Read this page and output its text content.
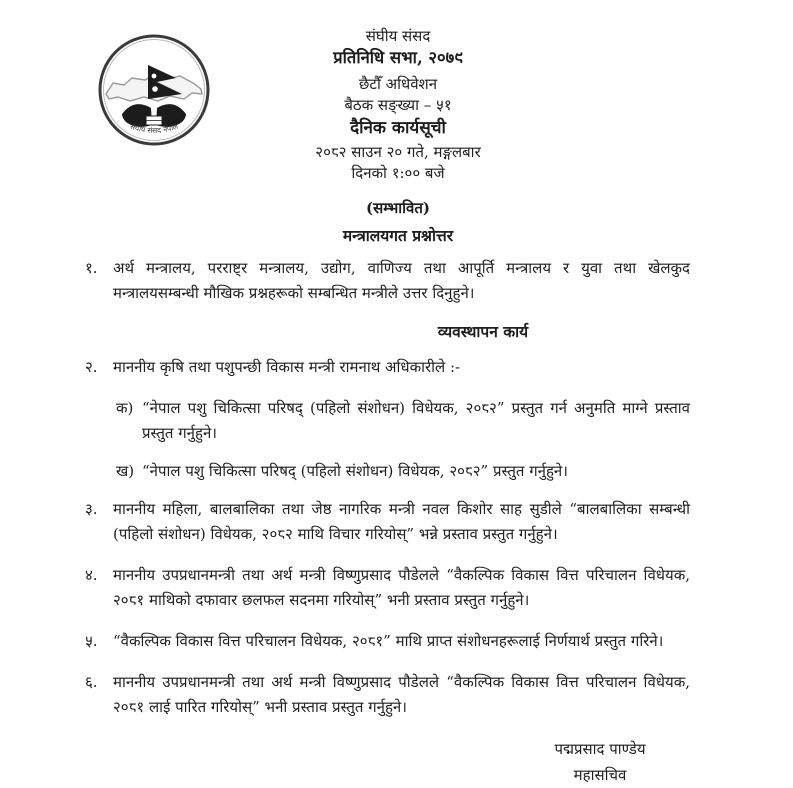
संघीय संसद नेपाल
संघीय संसद
प्रतिनिधि सभा, २०७९
छैटौँ अधिवेशन
बैठक सङ्ख्या – ५१
दैनिक कार्यसूची
२०८२ साउन २० गते, मङ्गलबार
दिनको १:०० बजे
(सम्भावित)
मन्त्रालयगत प्रश्नोत्तर
१.	अर्थ मन्त्रालय, परराष्ट्र मन्त्रालय, उद्योग, वाणिज्य तथा आपूर्ति मन्त्रालय र युवा तथा खेलकुद मन्त्रालयसम्बन्धी मौखिक प्रश्नहरूको सम्बन्धित मन्त्रीले उत्तर दिनुहुने।
व्यवस्थापन कार्य
२.	माननीय कृषि तथा पशुपन्छी विकास मन्त्री रामनाथ अधिकारीले :-
क) “नेपाल पशु चिकित्सा परिषद् (पहिलो संशोधन) विधेयक, २०८२” प्रस्तुत गर्न अनुमति माग्ने प्रस्ताव प्रस्तुत गर्नुहुने।
ख) “नेपाल पशु चिकित्सा परिषद् (पहिलो संशोधन) विधेयक, २०८२” प्रस्तुत गर्नुहुने।
३.	माननीय महिला, बालबालिका तथा जेष्ठ नागरिक मन्त्री नवल किशोर साह सुडीले “बालबालिका सम्बन्धी (पहिलो संशोधन) विधेयक, २०८२ माथि विचार गरियोस्” भन्ने प्रस्ताव प्रस्तुत गर्नुहुने।
४.	माननीय उपप्रधानमन्त्री तथा अर्थ मन्त्री विष्णुप्रसाद पौडेलले “वैकल्पिक विकास वित्त परिचालन विधेयक, २०८१ माथिको दफावार छलफल सदनमा गरियोस्” भनी प्रस्ताव प्रस्तुत गर्नुहुने।
५.	“वैकल्पिक विकास वित्त परिचालन विधेयक, २०८१” माथि प्राप्त संशोधनहरूलाई निर्णयार्थ प्रस्तुत गरिने।
६.	माननीय उपप्रधानमन्त्री तथा अर्थ मन्त्री विष्णुप्रसाद पौडेलले “वैकल्पिक विकास वित्त परिचालन विधेयक, २०८१ लाई पारित गरियोस्” भनी प्रस्ताव प्रस्तुत गर्नुहुने।
पद्मप्रसाद पाण्डेय
महासचिव
